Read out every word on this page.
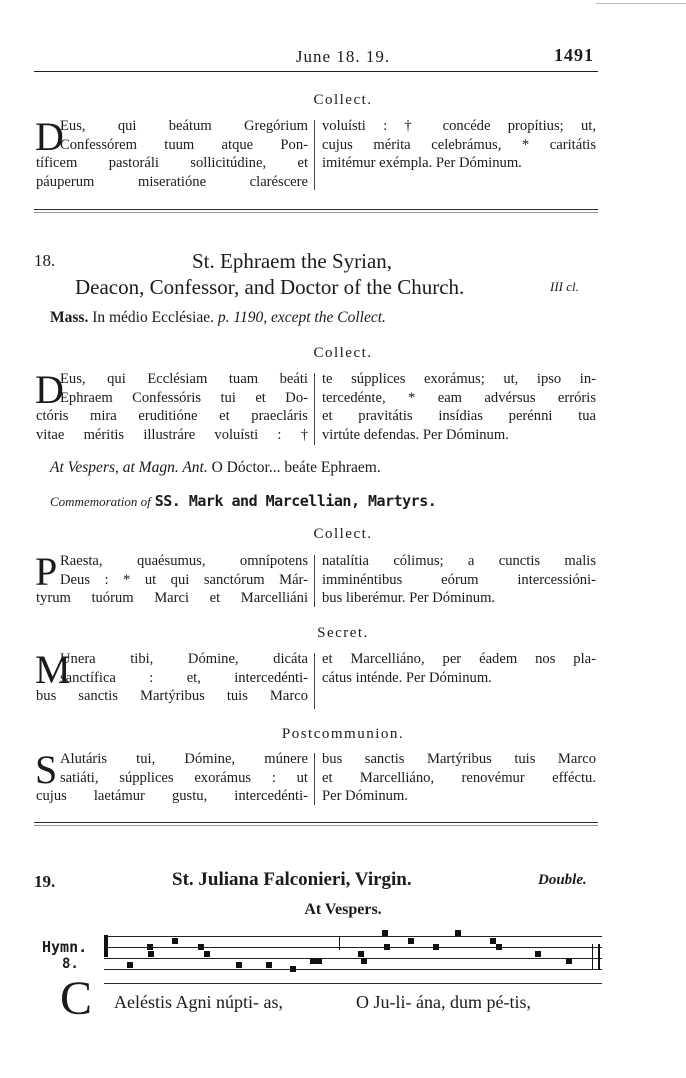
June 18. 19.	1491
Collect.
D
Eus, qui beátum Gregórium
Confessórem tuum atque Pon-
tíficem pastoráli sollicitúdine, et
páuperum miseratióne claréscere
voluísti : † concéde propítius; ut,
cujus mérita celebrámus, * caritátis
imitémur exémpla. Per Dóminum.
18.	St. Ephraem the Syrian,
Deacon, Confessor, and Doctor of the Church.	III cl.
Mass. In médio Ecclésiae. p. 1190, except the Collect.
Collect.
D
Eus, qui Ecclésiam tuam beáti
Ephraem Confessóris tui et Do-
ctóris mira eruditióne et praecláris
vitae méritis illustráre voluísti : †
te súpplices exorámus; ut, ipso in-
tercedénte, * eam advérsus erróris
et pravitátis insídias perénni tua
virtúte defendas. Per Dóminum.
At Vespers, at Magn. Ant. O Dóctor... beáte Ephraem.
Commemoration of SS. Mark and Marcellian, Martyrs.
Collect.
P Raesta, quaésumus, omnípotens
Deus : * ut qui sanctórum Már-
tyrum tuórum Marci et Marcelliáni
natalítia cólimus; a cunctis malis
imminéntibus eórum intercessióni-
bus liberémur. Per Dóminum.
Secret.
M
Unera tibi, Dómine, dicáta
sanctífica : et, intercedénti-
bus sanctis Martýribus tuis Marco
et Marcelliáno, per éadem nos pla-
cátus inténde. Per Dóminum.
Postcommunion.
S Alutáris tui, Dómine, múnere
satiáti, súpplices exorámus : ut
cujus laetámur gustu, intercedénti-
bus sanctis Martýribus tuis Marco
et Marcelliáno, renovémur efféctu.
Per Dóminum.
19.	St. Juliana Falconieri, Virgin.	Double.
At Vespers.
Hymn.
8.
C Aeléstis Agni núpti- as,	O Ju-li- ána, dum pé-tis,
